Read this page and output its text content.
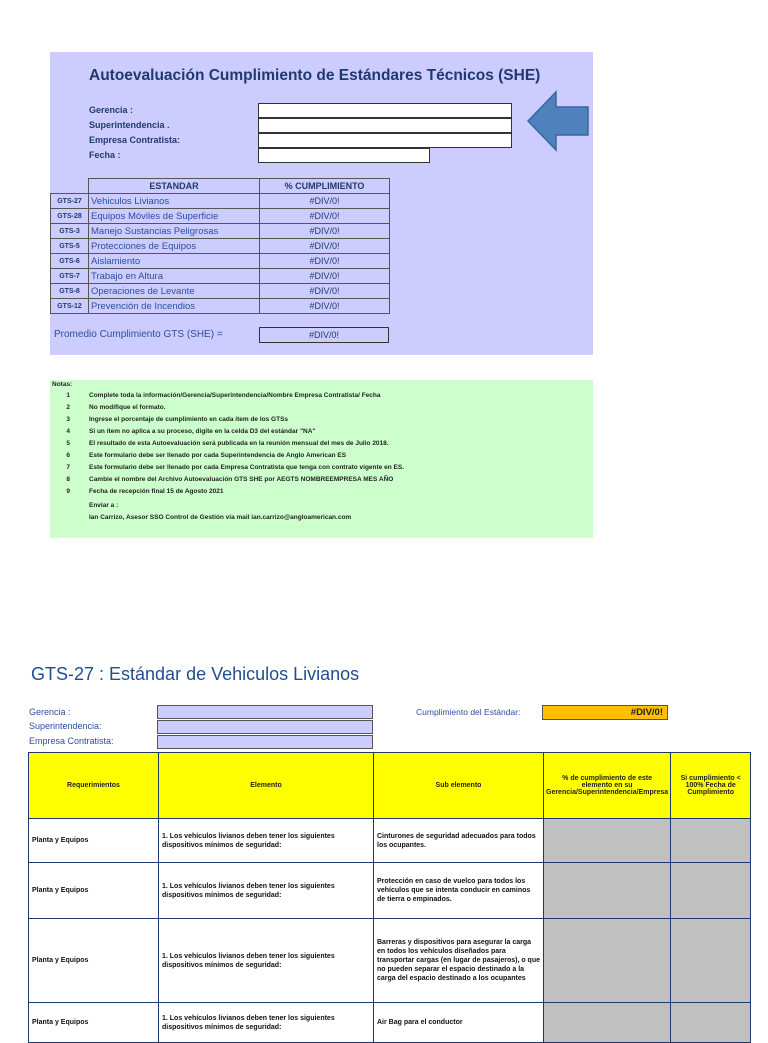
Autoevaluación Cumplimiento de Estándares Técnicos (SHE)
Gerencia :
Superintendencia .
Empresa Contratista:
Fecha :
	ESTANDAR	% CUMPLIMIENTO
GTS-27	Vehiculos Livianos	#DIV/0!
GTS-28	Equipos Móviles de Superficie	#DIV/0!
GTS-3	Manejo Sustancias Peligrosas	#DIV/0!
GTS-5	Protecciones de Equipos	#DIV/0!
GTS-6	Aislamiento	#DIV/0!
GTS-7	Trabajo en Altura	#DIV/0!
GTS-8	Operaciones de Levante	#DIV/0!
GTS-12	Prevención de Incendios	#DIV/0!
Promedio Cumplimiento GTS (SHE) =	#DIV/0!
Notas:
1	Complete toda la información/Gerencia/Superintendencia/Nombre Empresa Contratista/ Fecha
2	No modifique el formato.
3	Ingrese el porcentaje de cumplimiento en cada ítem de los GTSs
4	Si un ítem no aplica a su proceso, digite en la celda D3 del estándar "NA"
5	El resultado de esta Autoevaluación será publicada en la reunión mensual del mes de Julio 2018.
6	Este formulario debe ser llenado por cada Superintendencia de Anglo American ES
7	Este formulario debe ser llenado por cada Empresa Contratista que tenga con contrato vigente en ES.
8	Cambie el nombre del Archivo Autoevaluación GTS SHE por AEGTS NOMBREEMPRESA MES AÑO
9	Fecha de recepción final 15 de Agosto 2021
Enviar a :
Ian Carrizo, Asesor SSO Control de Gestión vía mail ian.carrizo@angloamerican.com
GTS-27 : Estándar de Vehiculos Livianos
Gerencia :
Superintendencia:
Empresa Contratista:
Cumplimiento del Estándar:	#DIV/0!
Requerimientos	Elemento	Sub elemento	% de cumplimiento de este elemento en su Gerencia/Superintendencia/Empresa	Si cumplimiento < 100% Fecha de Cumplimiento
Planta y Equipos	1. Los vehículos livianos deben tener los siguientes dispositivos mínimos de seguridad:	Cinturones de seguridad adecuados para todos los ocupantes.		
Planta y Equipos	1. Los vehículos livianos deben tener los siguientes dispositivos mínimos de seguridad:	Protección en caso de vuelco para todos los vehículos que se intenta conducir en caminos de tierra o empinados.		
Planta y Equipos	1. Los vehículos livianos deben tener los siguientes dispositivos mínimos de seguridad:	Barreras y dispositivos para asegurar la carga en todos los vehículos diseñados para transportar cargas (en lugar de pasajeros), o que no pueden separar el espacio destinado a la carga del espacio destinado a los ocupantes		
Planta y Equipos	1. Los vehículos livianos deben tener los siguientes dispositivos mínimos de seguridad:	Air Bag para el conductor		
